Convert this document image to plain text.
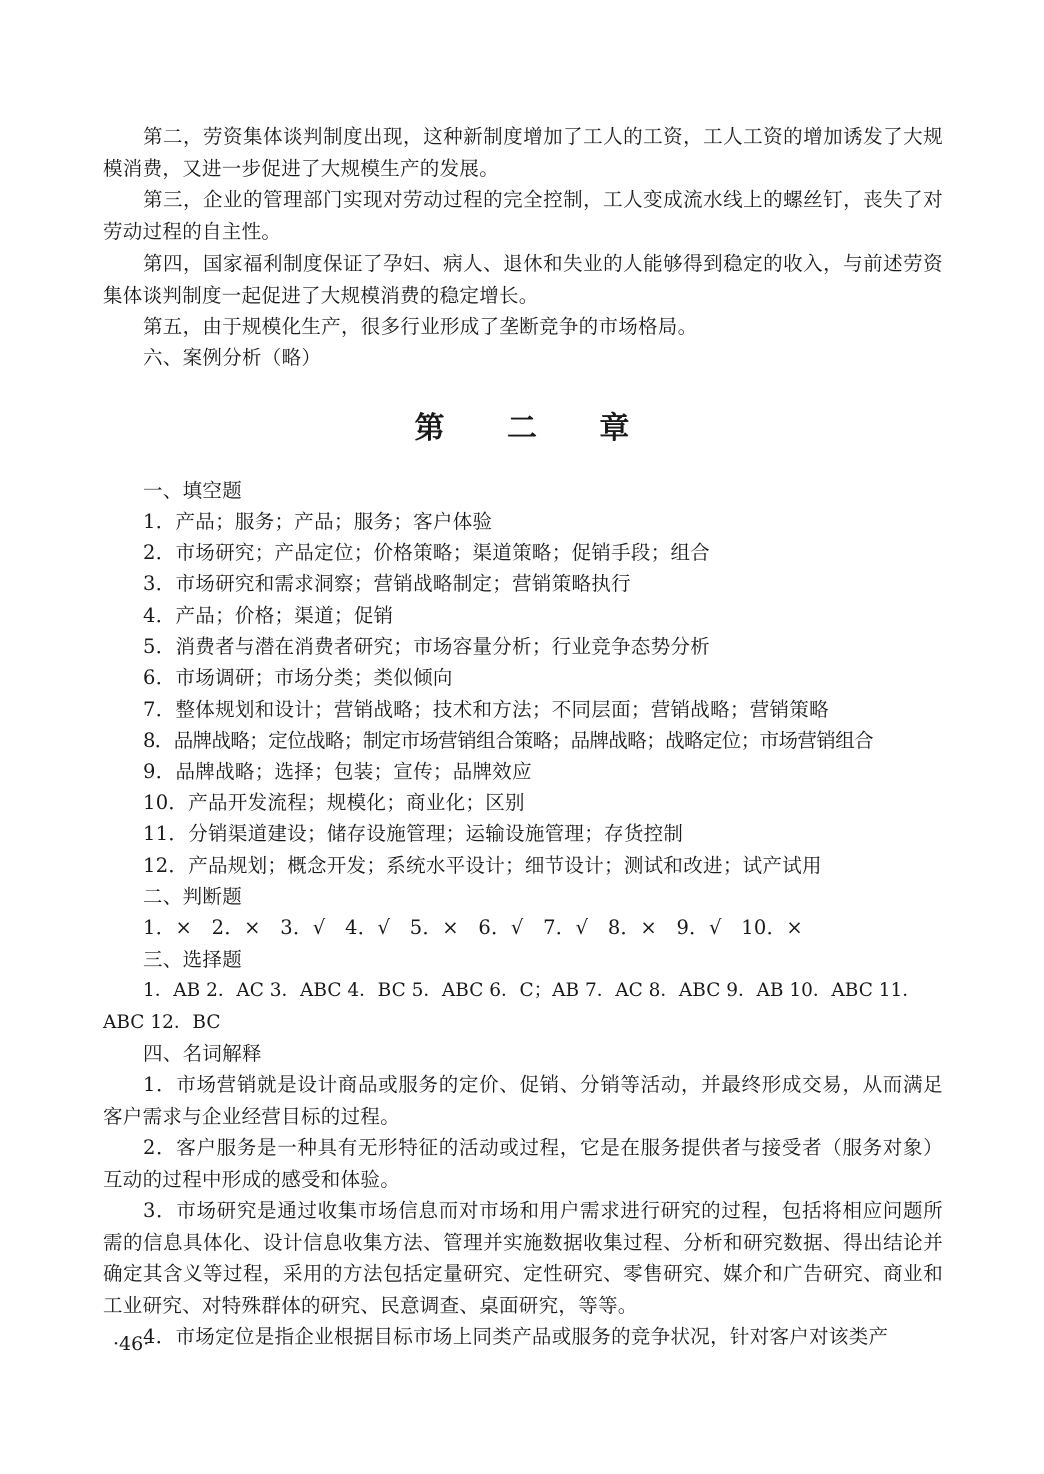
第二，劳资集体谈判制度出现，这种新制度增加了工人的工资，工人工资的增加诱发了大规模消费，又进一步促进了大规模生产的发展。
第三，企业的管理部门实现对劳动过程的完全控制，工人变成流水线上的螺丝钉，丧失了对劳动过程的自主性。
第四，国家福利制度保证了孕妇、病人、退休和失业的人能够得到稳定的收入，与前述劳资集体谈判制度一起促进了大规模消费的稳定增长。
第五，由于规模化生产，很多行业形成了垄断竞争的市场格局。
六、案例分析（略）
第 二 章
一、填空题
1．产品；服务；产品；服务；客户体验
2．市场研究；产品定位；价格策略；渠道策略；促销手段；组合
3．市场研究和需求洞察；营销战略制定；营销策略执行
4．产品；价格；渠道；促销
5．消费者与潜在消费者研究；市场容量分析；行业竞争态势分析
6．市场调研；市场分类；类似倾向
7．整体规划和设计；营销战略；技术和方法；不同层面；营销战略；营销策略
8．品牌战略；定位战略；制定市场营销组合策略；品牌战略；战略定位；市场营销组合
9．品牌战略；选择；包装；宣传；品牌效应
10．产品开发流程；规模化；商业化；区别
11．分销渠道建设；储存设施管理；运输设施管理；存货控制
12．产品规划；概念开发；系统水平设计；细节设计；测试和改进；试产试用
二、判断题
1．×   2．×   3．√   4．√   5．×   6．√   7．√   8．×   9．√   10．×
三、选择题
1．AB 2．AC 3．ABC 4．BC 5．ABC 6．C；AB 7．AC 8．ABC 9．AB 10．ABC 11．ABC 12．BC
四、名词解释
1．市场营销就是设计商品或服务的定价、促销、分销等活动，并最终形成交易，从而满足客户需求与企业经营目标的过程。
2．客户服务是一种具有无形特征的活动或过程，它是在服务提供者与接受者（服务对象）互动的过程中形成的感受和体验。
3．市场研究是通过收集市场信息而对市场和用户需求进行研究的过程，包括将相应问题所需的信息具体化、设计信息收集方法、管理并实施数据收集过程、分析和研究数据、得出结论并确定其含义等过程，采用的方法包括定量研究、定性研究、零售研究、媒介和广告研究、商业和工业研究、对特殊群体的研究、民意调查、桌面研究，等等。
4．市场定位是指企业根据目标市场上同类产品或服务的竞争状况，针对客户对该类产
·46·
